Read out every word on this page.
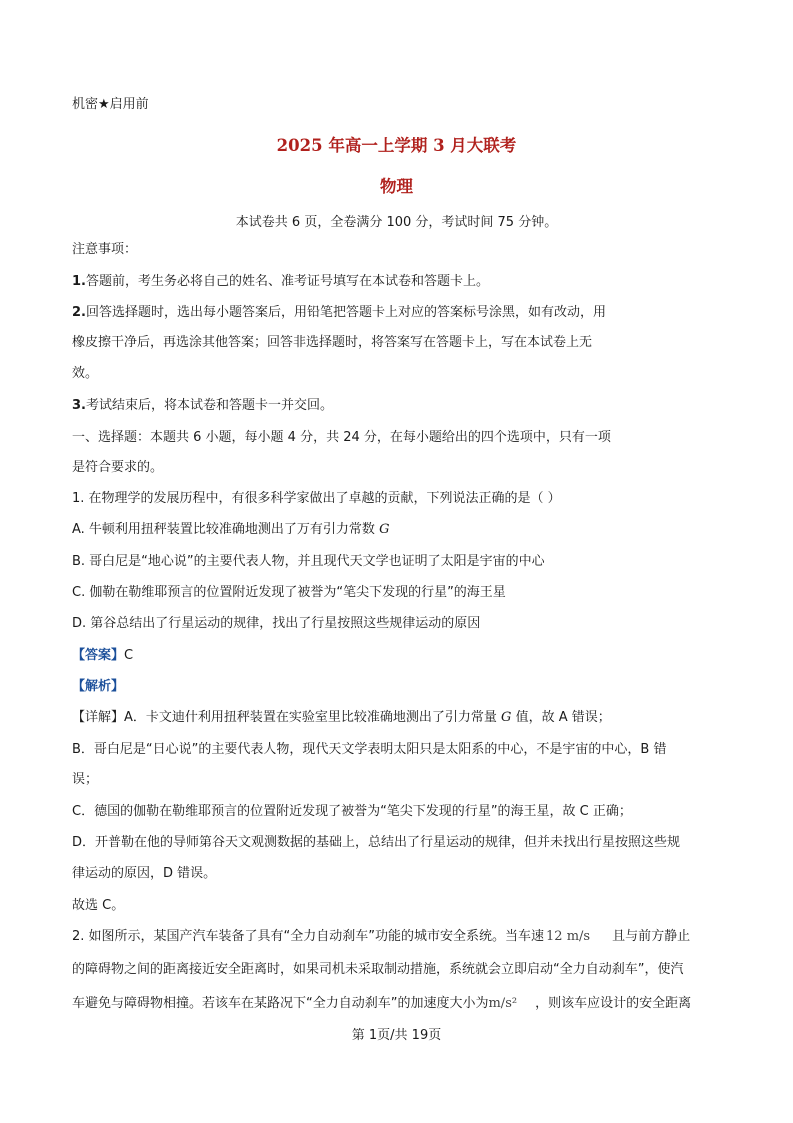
机密★启用前
2025 年高一上学期 3 月大联考
物理
本试卷共 6 页，全卷满分 100 分，考试时间 75 分钟。
注意事项：
1.答题前，考生务必将自己的姓名、准考证号填写在本试卷和答题卡上。
2.回答选择题时，选出每小题答案后，用铅笔把答题卡上对应的答案标号涂黑，如有改动，用
橡皮擦干净后，再选涂其他答案；回答非选择题时，将答案写在答题卡上，写在本试卷上无
效。
3.考试结束后，将本试卷和答题卡一并交回。
一、选择题：本题共 6 小题，每小题 4 分，共 24 分，在每小题给出的四个选项中，只有一项
是符合要求的。
1. 在物理学的发展历程中，有很多科学家做出了卓越的贡献，下列说法正确的是（ ）
A. 牛顿利用扭秤装置比较准确地测出了万有引力常数 G
B. 哥白尼是“地心说”的主要代表人物，并且现代天文学也证明了太阳是宇宙的中心
C. 伽勒在勒维耶预言的位置附近发现了被誉为“笔尖下发现的行星”的海王星
D. 第谷总结出了行星运动的规律，找出了行星按照这些规律运动的原因
【答案】C
【解析】
【详解】A．卡文迪什利用扭秤装置在实验室里比较准确地测出了引力常量 G 值，故 A 错误；
B．哥白尼是“日心说”的主要代表人物，现代天文学表明太阳只是太阳系的中心，不是宇宙的中心，B 错
误；
C．德国的伽勒在勒维耶预言的位置附近发现了被誉为“笔尖下发现的行星”的海王星，故 C 正确；
D．开普勒在他的导师第谷天文观测数据的基础上，总结出了行星运动的规律，但并未找出行星按照这些规
律运动的原因，D 错误。
故选 C。
2. 如图所示，某国产汽车装备了具有“全力自动刹车”功能的城市安全系统。当车速 12 m/s 且与前方静止
的障碍物之间的距离接近安全距离时，如果司机未采取制动措施，系统就会立即启动“全力自动刹车”，使汽
车避免与障碍物相撞。若该车在某路况下“全力自动刹车”的加速度大小为m/s² ，则该车应设计的安全距离
第 1页/共 19页
